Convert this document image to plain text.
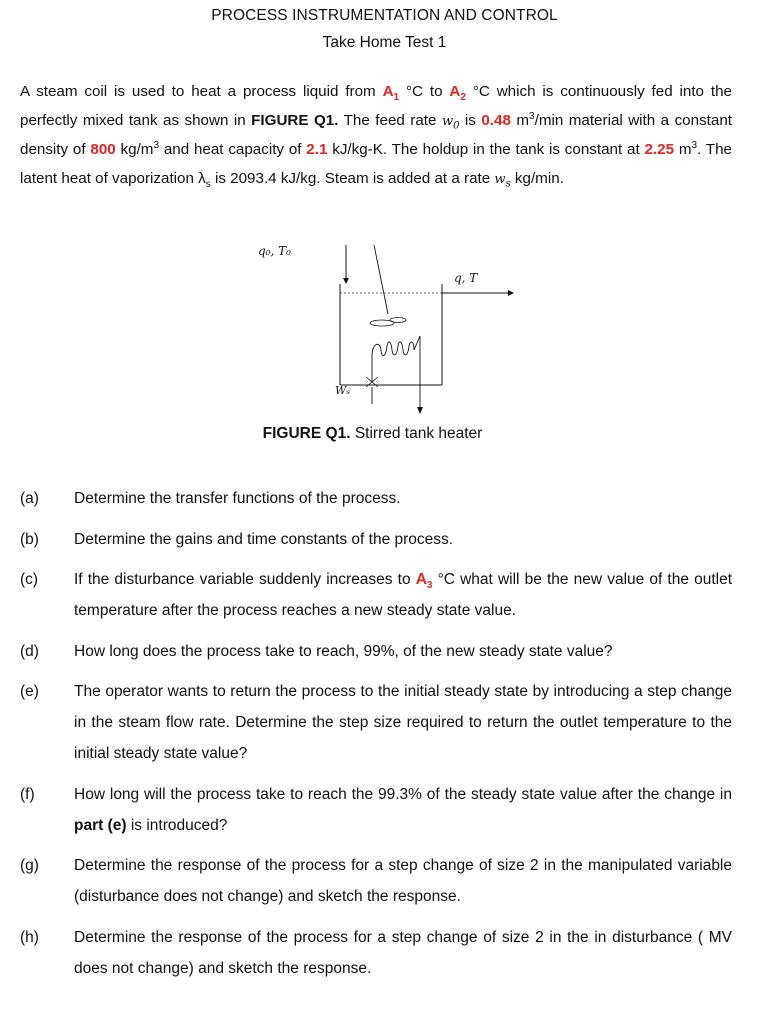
PROCESS INSTRUMENTATION AND CONTROL
Take Home Test 1
A steam coil is used to heat a process liquid from $A_1$ °C to $A_2$ °C which is continuously fed into the perfectly mixed tank as shown in FIGURE Q1. The feed rate $w_0$ is 0.48 $m^3/\min$ material with a constant density of 800 $kg/m^3$ and heat capacity of 2.1 kJ/kg-K. The holdup in the tank is constant at 2.25 $m^3$. The latent heat of vaporization $\lambda_s$ is 2093.4 kJ/kg. Steam is added at a rate $w_s$ kg/min.
q₀, T₀
q, T
Wₛ
FIGURE Q1. Stirred tank heater
(a) Determine the transfer functions of the process.
(b) Determine the gains and time constants of the process.
(c) If the disturbance variable suddenly increases to $A_3$ °C what will be the new value of the outlet temperature after the process reaches a new steady state value.
(d) How long does the process take to reach, 99%, of the new steady state value?
(e) The operator wants to return the process to the initial steady state by introducing a step change in the steam flow rate. Determine the step size required to return the outlet temperature to the initial steady state value?
(f)	How long will the process take to reach the 99.3% of the steady state value after the change in part (e) is introduced?
(g) Determine the response of the process for a step change of size 2 in the manipulated variable (disturbance does not change) and sketch the response.
(h) Determine the response of the process for a step change of size 2 in the in disturbance ( MV does not change) and sketch the response.
